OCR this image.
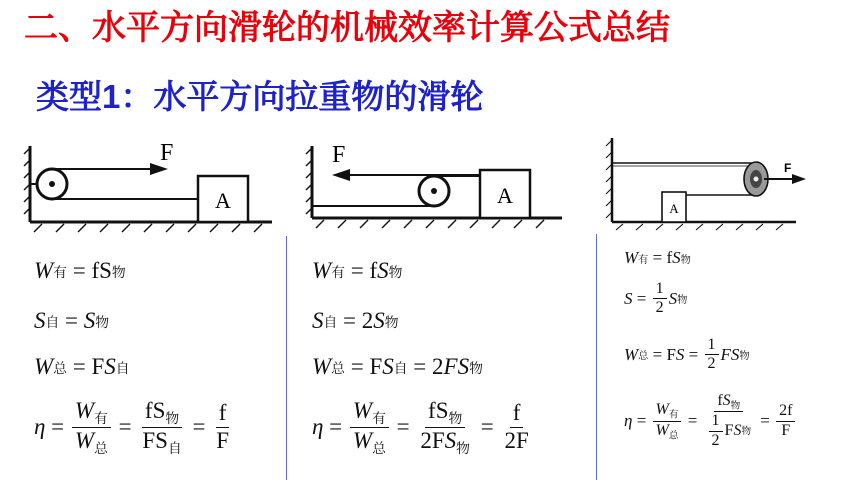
二、水平方向滑轮的机械效率计算公式总结
类型1：水平方向拉重物的滑轮
F
A
F
A
A
F
W 有 = fS 物
S 自 = S 物
W 总 = F S 自
$\eta = \frac{W_有}{W_总} = \frac{fS_物}{FS_自} = \frac{f}{F}$
W 有 = f S 物
S 自 = 2 S 物
W 总 = F S 自 = 2 F S 物
$\eta = \frac{W_有}{W_总} = \frac{fS_物}{2FS_物} = \frac{f}{2F}$
W 有 = f S 物
$S = \frac{1}{2}$ S 物
W 总 = F $S = \frac{1}{2}$ F S 物
$\eta = \frac{W_有}{W_总} = \frac{fS_物}{\frac{1}{2} F S 物} = \frac{2f}{F}$
